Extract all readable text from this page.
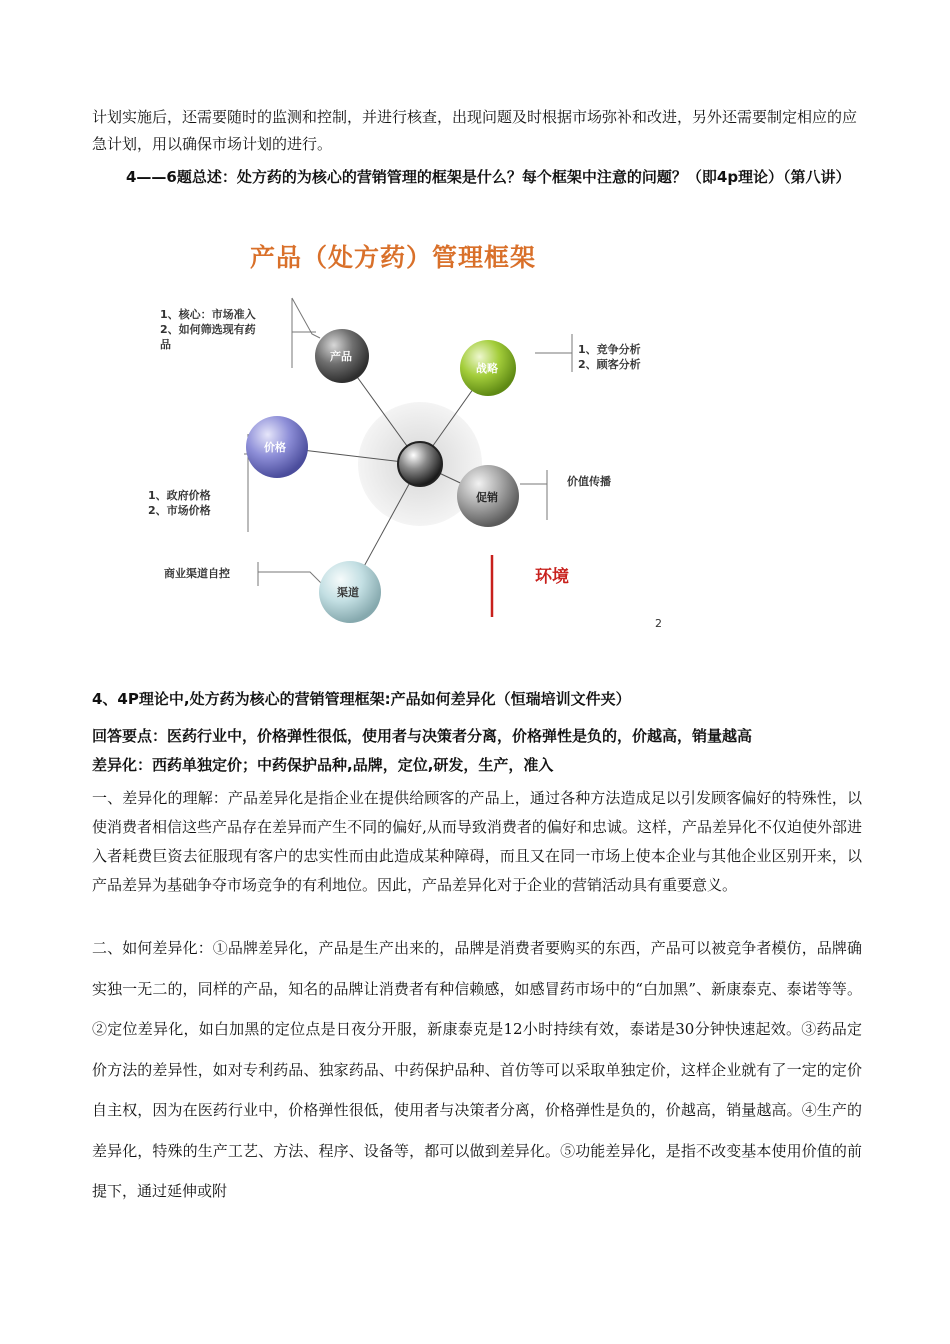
计划实施后，还需要随时的监测和控制，并进行核查，出现问题及时根据市场弥补和改进，另外还需要制定相应的应急计划，用以确保市场计划的进行。
4——6题总述：处方药的为核心的营销管理的框架是什么？每个框架中注意的问题？（即4p理论）（第八讲）
产品（处方药）管理框架
产品
战略
价格
促销
渠道
1、核心：市场准入
2、如何筛选现有药
品	1、竞争分析
2、顾客分析
1、政府价格
2、市场价格
价值传播
商业渠道自控	环境
2
4、4P理论中,处方药为核心的营销管理框架:产品如何差异化（恒瑞培训文件夹）
回答要点：医药行业中，价格弹性很低，使用者与决策者分离，价格弹性是负的，价越高，销量越高
差异化：西药单独定价；中药保护品种,品牌，定位,研发，生产，准入
一、差异化的理解：产品差异化是指企业在提供给顾客的产品上，通过各种方法造成足以引发顾客偏好的特殊性，以使消费者相信这些产品存在差异而产生不同的偏好,从而导致消费者的偏好和忠诚。这样，产品差异化不仅迫使外部进入者耗费巨资去征服现有客户的忠实性而由此造成某种障碍，而且又在同一市场上使本企业与其他企业区别开来，以产品差异为基础争夺市场竞争的有利地位。因此，产品差异化对于企业的营销活动具有重要意义。
二、如何差异化：①品牌差异化，产品是生产出来的，品牌是消费者要购买的东西，产品可以被竞争者模仿，品牌确实独一无二的，同样的产品，知名的品牌让消费者有种信赖感，如感冒药市场中的“白加黑”、新康泰克、泰诺等等。②定位差异化，如白加黑的定位点是日夜分开服，新康泰克是12小时持续有效，泰诺是30分钟快速起效。③药品定价方法的差异性，如对专利药品、独家药品、中药保护品种、首仿等可以采取单独定价，这样企业就有了一定的定价自主权，因为在医药行业中，价格弹性很低，使用者与决策者分离，价格弹性是负的，价越高，销量越高。④生产的差异化，特殊的生产工艺、方法、程序、设备等，都可以做到差异化。⑤功能差异化，是指不改变基本使用价值的前提下，通过延伸或附
